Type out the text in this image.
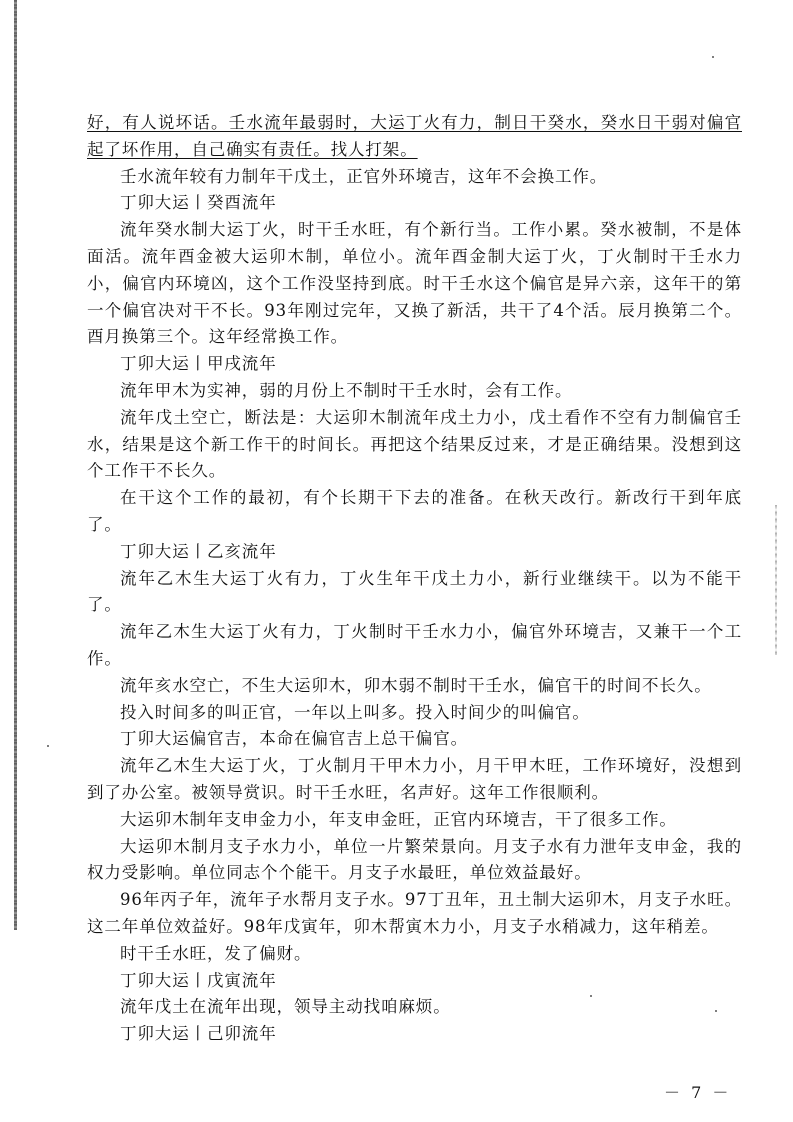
好，有人说坏话。壬水流年最弱时，大运丁火有力，制日干癸水，癸水日干弱对偏官起了坏作用，自己确实有责任。找人打架。

壬水流年较有力制年干戊土，正官外环境吉，这年不会换工作。

丁卯大运丨癸酉流年

流年癸水制大运丁火，时干壬水旺，有个新行当。工作小累。癸水被制，不是体面活。流年酉金被大运卯木制，单位小。流年酉金制大运丁火，丁火制时干壬水力小，偏官内环境凶，这个工作没坚持到底。时干壬水这个偏官是异六亲，这年干的第一个偏官决对干不长。93年刚过完年，又换了新活，共干了4个活。辰月换第二个。酉月换第三个。这年经常换工作。

丁卯大运丨甲戌流年

流年甲木为实神，弱的月份上不制时干壬水时，会有工作。

流年戊土空亡，断法是：大运卯木制流年戌土力小，戊土看作不空有力制偏官壬水，结果是这个新工作干的时间长。再把这个结果反过来，才是正确结果。没想到这个工作干不长久。

在干这个工作的最初，有个长期干下去的准备。在秋天改行。新改行干到年底了。

丁卯大运丨乙亥流年

流年乙木生大运丁火有力，丁火生年干戊土力小，新行业继续干。以为不能干了。

流年乙木生大运丁火有力，丁火制时干壬水力小，偏官外环境吉，又兼干一个工作。

流年亥水空亡，不生大运卯木，卯木弱不制时干壬水，偏官干的时间不长久。

投入时间多的叫正官，一年以上叫多。投入时间少的叫偏官。

丁卯大运偏官吉，本命在偏官吉上总干偏官。

流年乙木生大运丁火，丁火制月干甲木力小，月干甲木旺，工作环境好，没想到到了办公室。被领导赏识。时干壬水旺，名声好。这年工作很顺利。

大运卯木制年支申金力小，年支申金旺，正官内环境吉，干了很多工作。

大运卯木制月支子水力小，单位一片繁荣景向。月支子水有力泄年支申金，我的权力受影响。单位同志个个能干。月支子水最旺，单位效益最好。

96年丙子年，流年子水帮月支子水。97丁丑年，丑土制大运卯木，月支子水旺。这二年单位效益好。98年戊寅年，卯木帮寅木力小，月支子水稍减力，这年稍差。

时干壬水旺，发了偏财。

丁卯大运丨戊寅流年

流年戊土在流年出现，领导主动找咱麻烦。

丁卯大运丨己卯流年

－ 7 －
